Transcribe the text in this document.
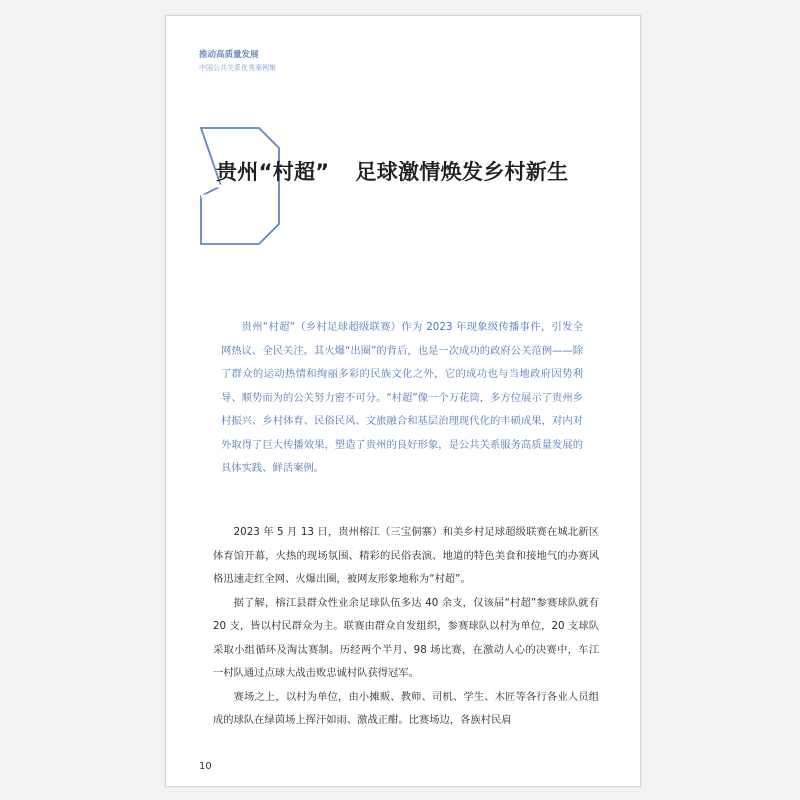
推动高质量发展
中国公共关系优秀案例集
贵州“村超” 足球激情焕发乡村新生
贵州“村超”（乡村足球超级联赛）作为 2023 年现象级传播事件，引发全网热议、全民关注。其火爆“出圈”的背后，也是一次成功的政府公关范例——除了群众的运动热情和绚丽多彩的民族文化之外，它的成功也与当地政府因势利导、顺势而为的公关努力密不可分。“村超”像一个万花筒，多方位展示了贵州乡村振兴、乡村体育、民俗民风、文旅融合和基层治理现代化的丰硕成果，对内对外取得了巨大传播效果，塑造了贵州的良好形象，是公共关系服务高质量发展的具体实践、鲜活案例。

2023 年 5 月 13 日，贵州榕江（三宝侗寨）和美乡村足球超级联赛在城北新区体育馆开幕，火热的现场氛围、精彩的民俗表演、地道的特色美食和接地气的办赛风格迅速走红全网、火爆出圈，被网友形象地称为“村超”。

据了解，榕江县群众性业余足球队伍多达 40 余支，仅该届“村超”参赛球队就有 20 支，皆以村民群众为主。联赛由群众自发组织，参赛球队以村为单位，20 支球队采取小组循环及淘汰赛制。历经两个半月、98 场比赛，在激动人心的决赛中，车江一村队通过点球大战击败忠诚村队获得冠军。

赛场之上，以村为单位，由小摊贩、教师、司机、学生、木匠等各行各业人员组成的球队在绿茵场上挥汗如雨、激战正酣。比赛场边，各族村民肩

10
